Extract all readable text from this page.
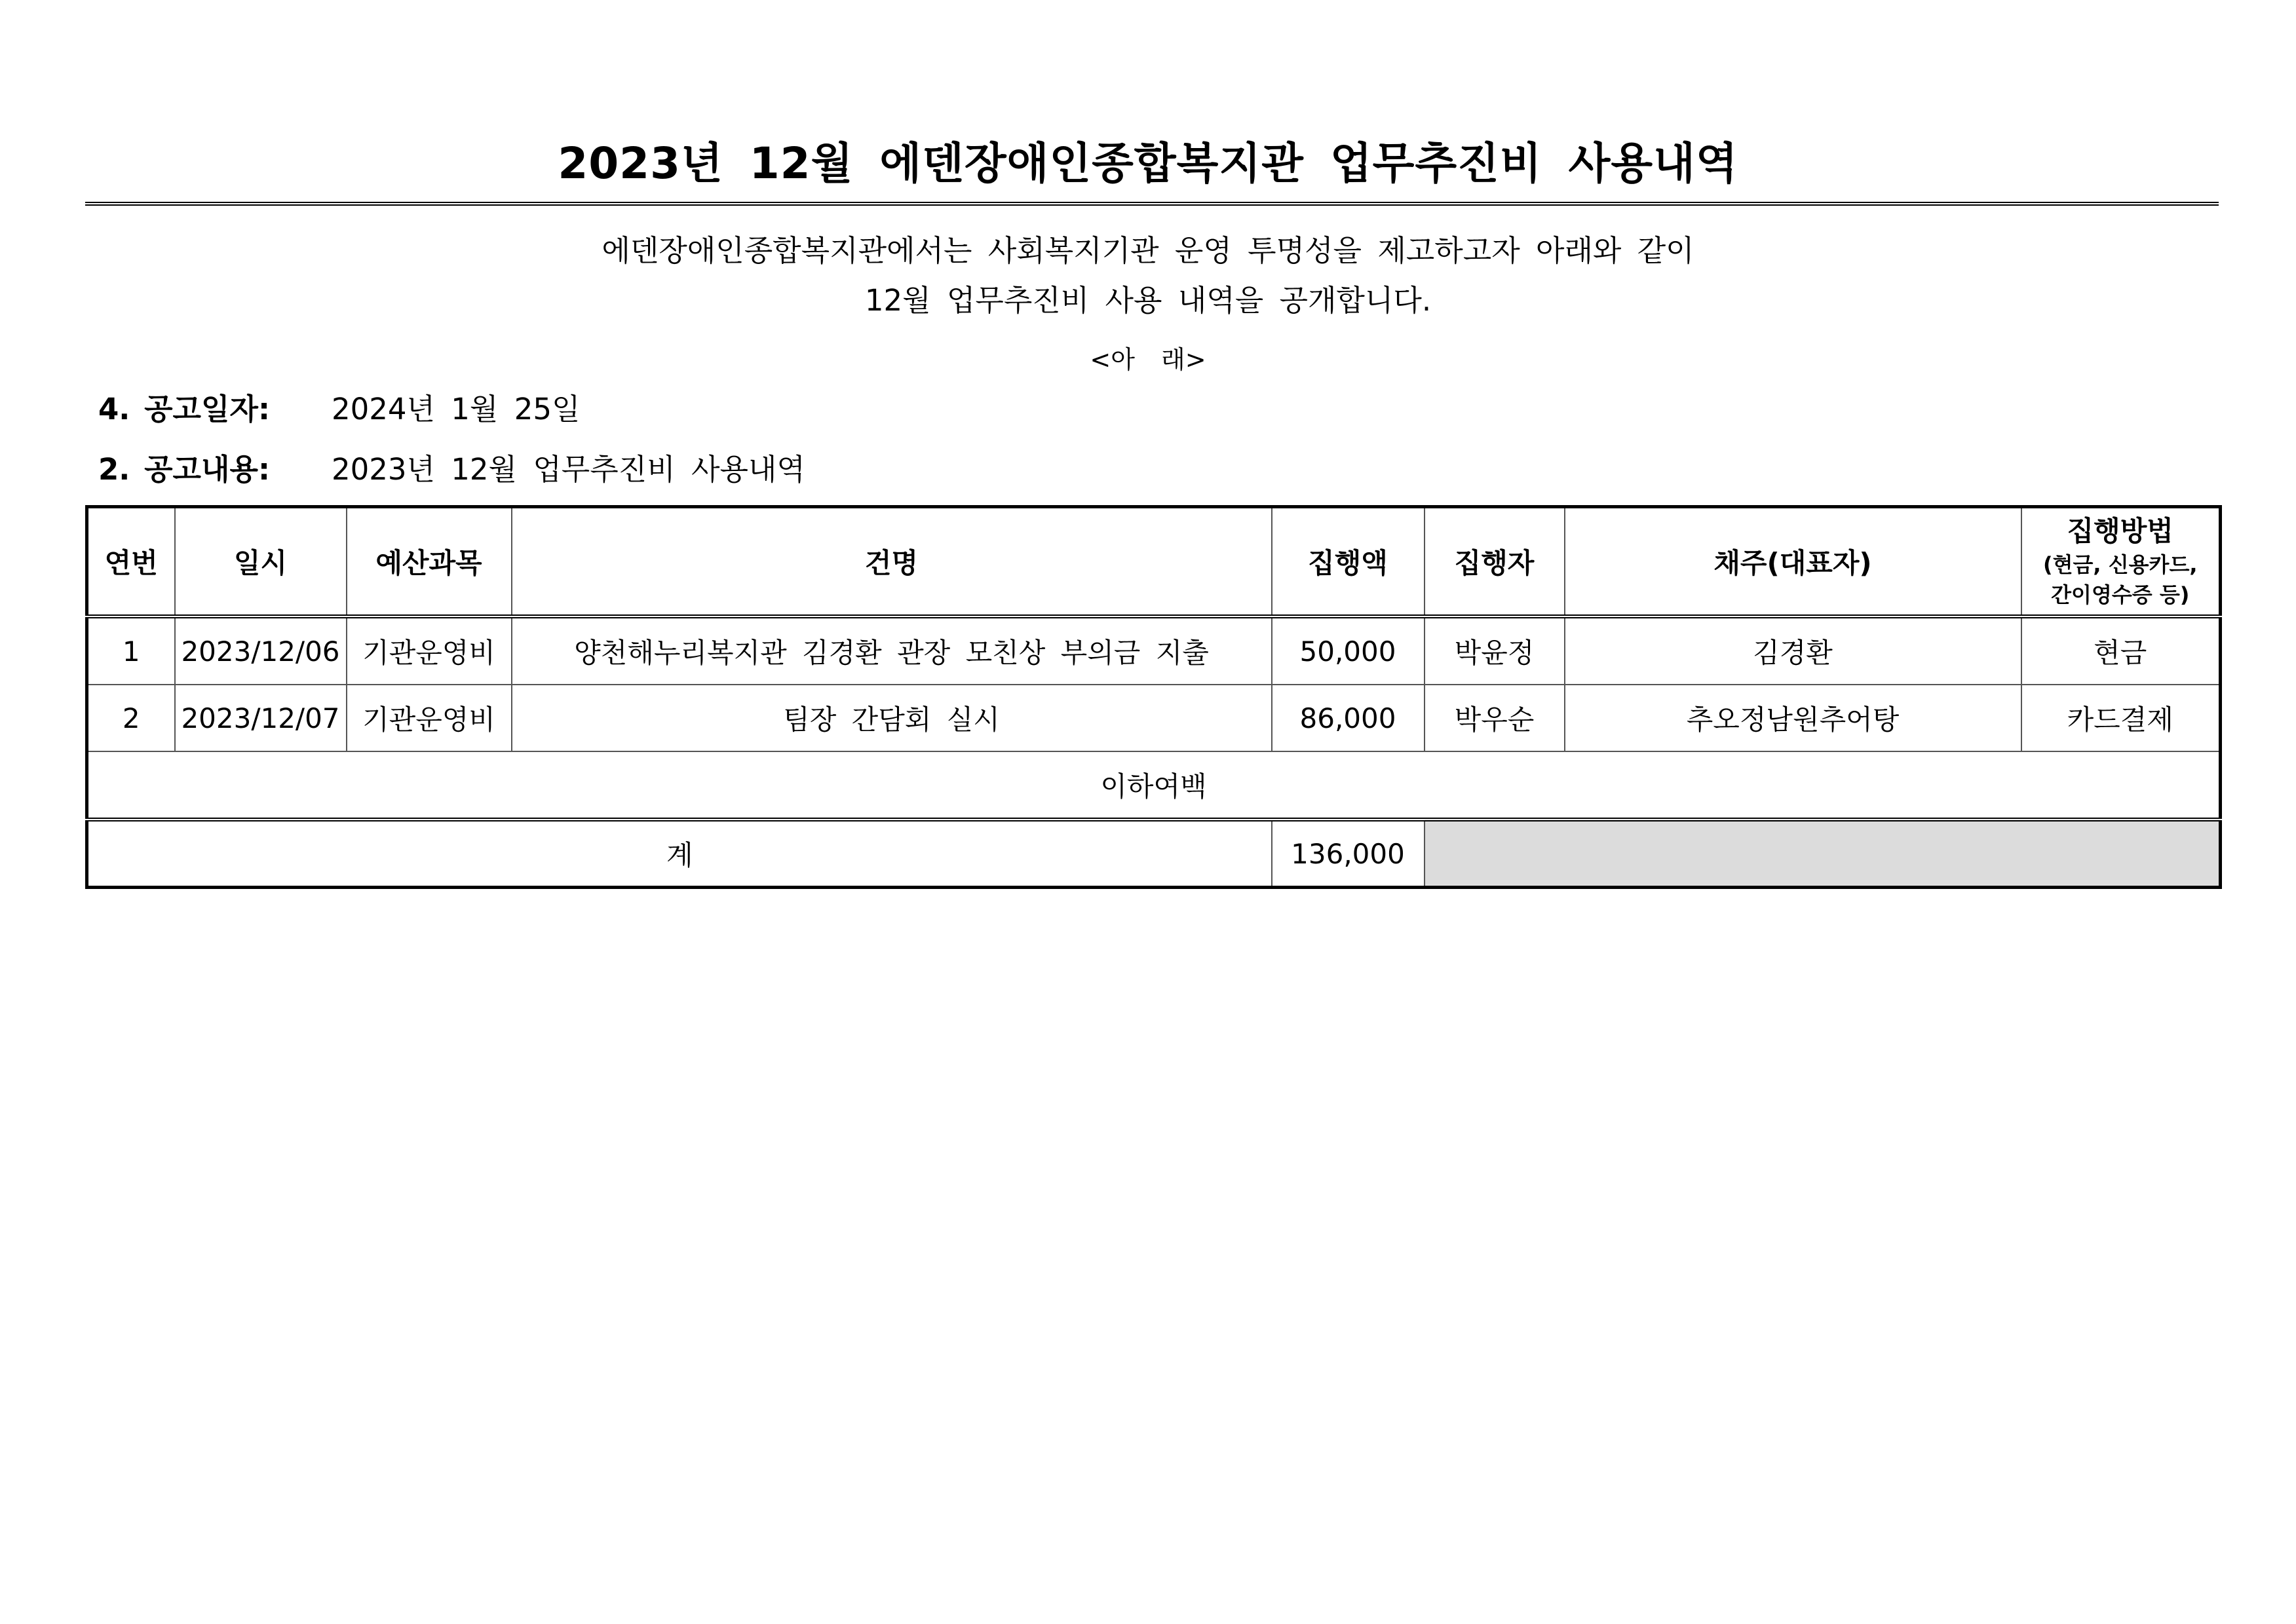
2023년 12월 에덴장애인종합복지관 업무추진비 사용내역
에덴장애인종합복지관에서는 사회복지기관 운영 투명성을 제고하고자 아래와 같이
12월 업무추진비 사용 내역을 공개합니다.
<아 래>
4. 공고일자: 2024년 1월 25일
2. 공고내용: 2023년 12월 업무추진비 사용내역
연번	일시	예산과목	건명	집행액	집행자	채주(대표자)	집행방법
(현금, 신용카드,
간이영수증 등)

1	2023/12/06	기관운영비	양천해누리복지관 김경환 관장 모친상 부의금 지출	50,000	박윤정	김경환	현금
2	2023/12/07	기관운영비	팀장 간담회 실시	86,000	박우순	추오정남원추어탕	카드결제
이하여백							
계				136,000			
